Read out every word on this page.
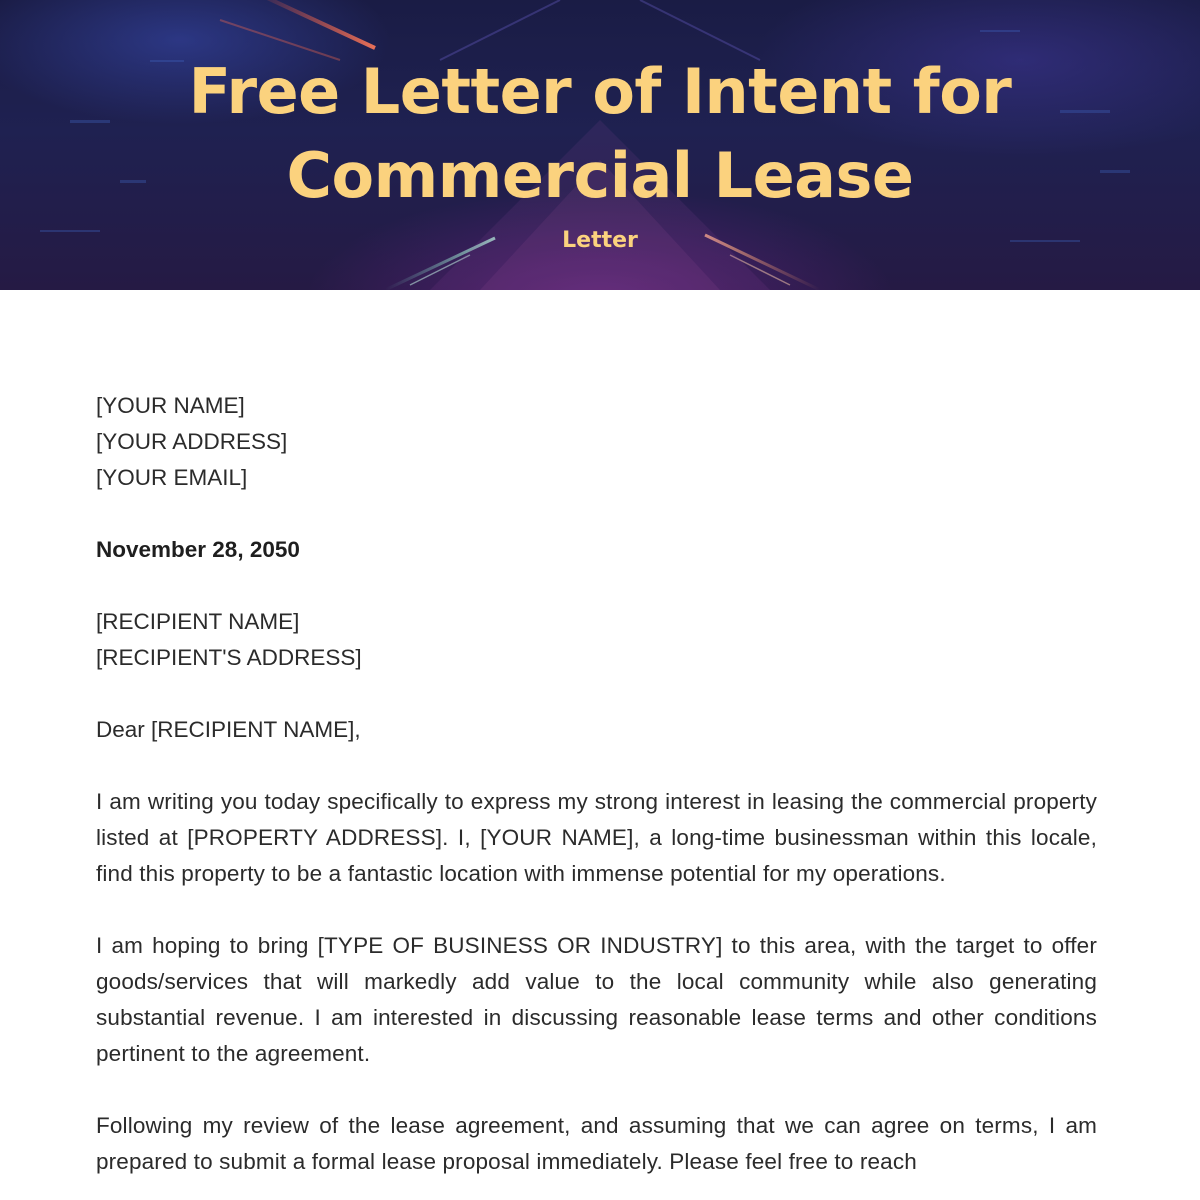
Free Letter of Intent for Commercial Lease
Letter
[YOUR NAME]
[YOUR ADDRESS]
[YOUR EMAIL]
November 28, 2050
[RECIPIENT NAME]
[RECIPIENT'S ADDRESS]
Dear [RECIPIENT NAME],

I am writing you today specifically to express my strong interest in leasing the commercial property listed at [PROPERTY ADDRESS]. I, [YOUR NAME], a long-time businessman within this locale, find this property to be a fantastic location with immense potential for my operations.

I am hoping to bring [TYPE OF BUSINESS OR INDUSTRY] to this area, with the target to offer goods/services that will markedly add value to the local community while also generating substantial revenue. I am interested in discussing reasonable lease terms and other conditions pertinent to the agreement.

Following my review of the lease agreement, and assuming that we can agree on terms, I am prepared to submit a formal lease proposal immediately. Please feel free to reach
